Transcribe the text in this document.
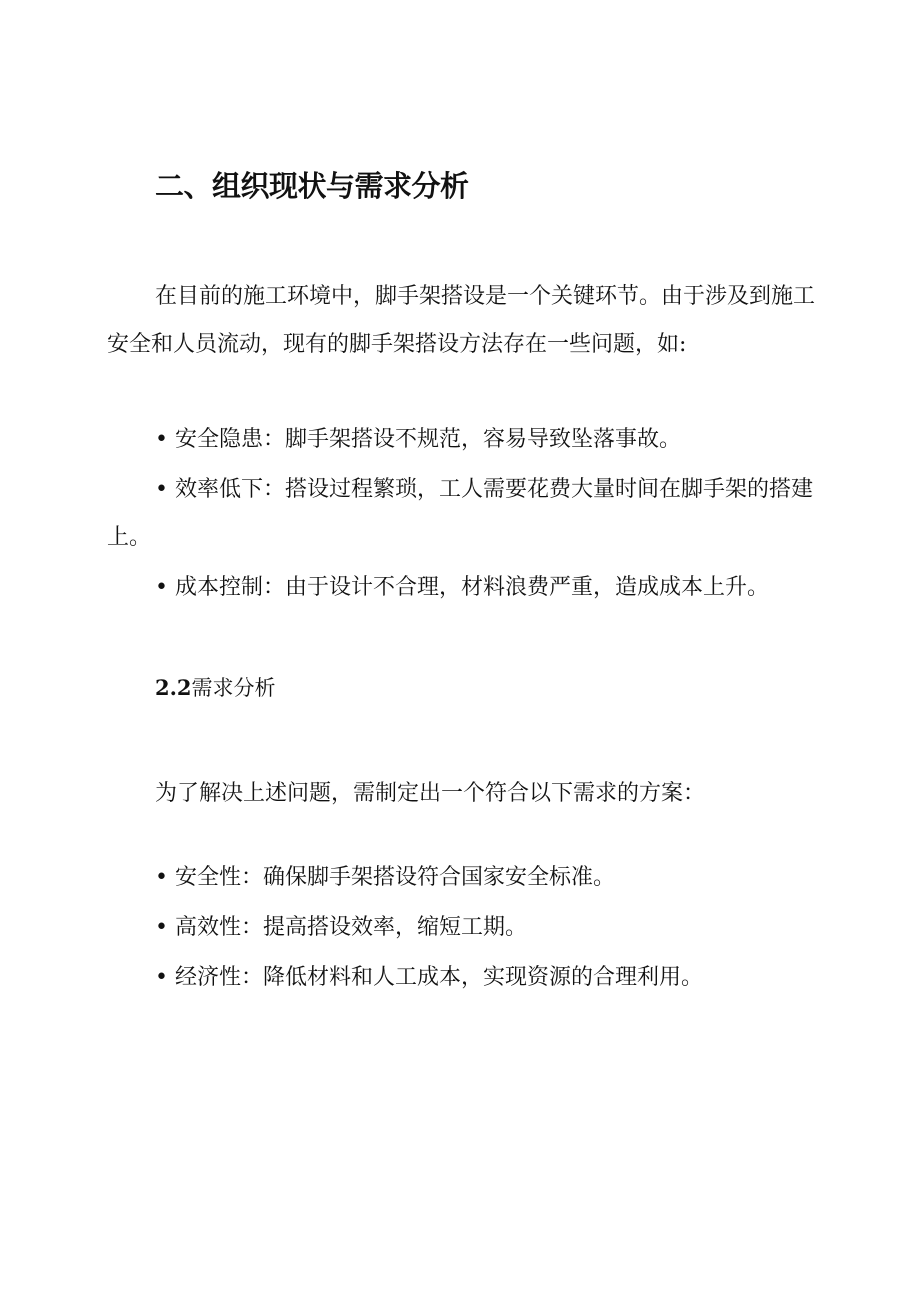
二、组织现状与需求分析

在目前的施工环境中，脚手架搭设是一个关键环节。由于涉及到施工安全和人员流动，现有的脚手架搭设方法存在一些问题，如:

• 安全隐患：脚手架搭设不规范，容易导致坠落事故。
• 效率低下：搭设过程繁琐，工人需要花费大量时间在脚手架的搭建上。
• 成本控制：由于设计不合理，材料浪费严重，造成成本上升。
2.2需求分析

为了解决上述问题，需制定出一个符合以下需求的方案：

• 安全性：确保脚手架搭设符合国家安全标准。
• 高效性：提高搭设效率，缩短工期。
• 经济性：降低材料和人工成本，实现资源的合理利用。
